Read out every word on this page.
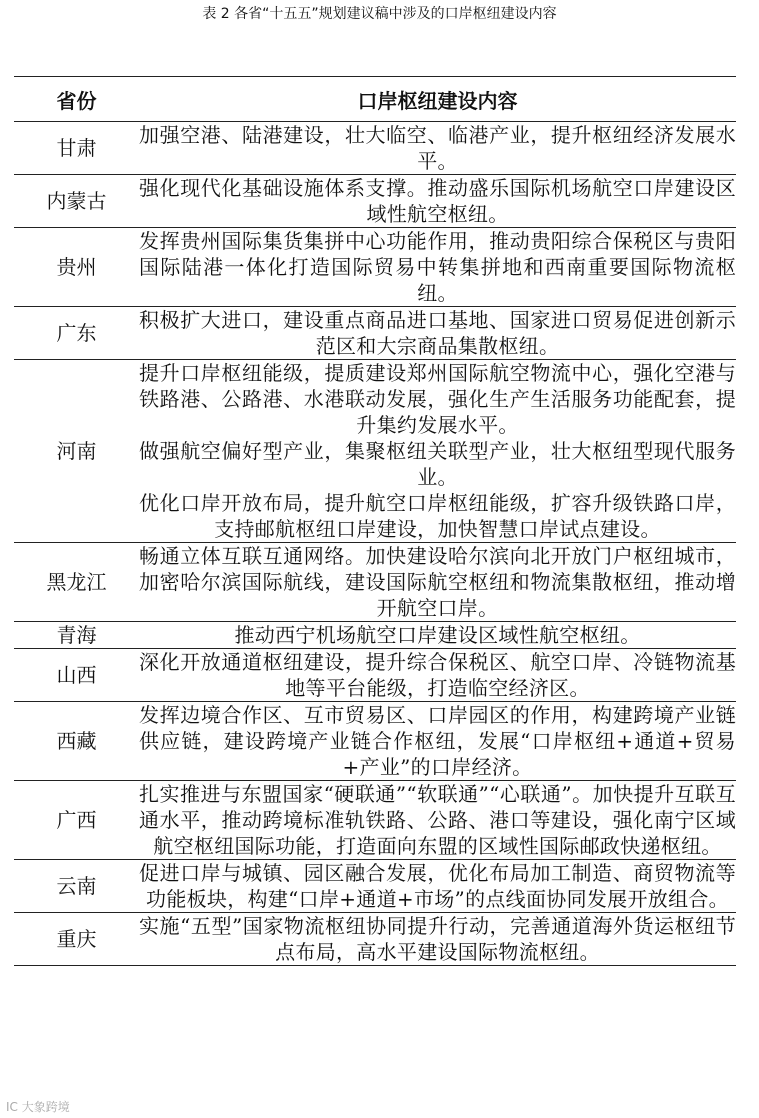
表 2 各省“十五五”规划建议稿中涉及的口岸枢纽建设内容
省份	口岸枢纽建设内容
甘肃	加强空港、陆港建设，壮大临空、临港产业，提升枢纽经济发展水平。

内蒙古	强化现代化基础设施体系支撑。推动盛乐国际机场航空口岸建设区域性航空枢纽。

贵州	发挥贵州国际集货集拼中心功能作用，推动贵阳综合保税区与贵阳国际陆港一体化打造国际贸易中转集拼地和西南重要国际物流枢纽。

广东	积极扩大进口，建设重点商品进口基地、国家进口贸易促进创新示范区和大宗商品集散枢纽。

河南	提升口岸枢纽能级，提质建设郑州国际航空物流中心，强化空港与铁路港、公路港、水港联动发展，强化生产生活服务功能配套，提升集约发展水平。
做强航空偏好型产业，集聚枢纽关联型产业，壮大枢纽型现代服务业。
优化口岸开放布局，提升航空口岸枢纽能级，扩容升级铁路口岸，支持邮航枢纽口岸建设，加快智慧口岸试点建设。

黑龙江	畅通立体互联互通网络。加快建设哈尔滨向北开放门户枢纽城市，加密哈尔滨国际航线，建设国际航空枢纽和物流集散枢纽，推动增开航空口岸。

青海	推动西宁机场航空口岸建设区域性航空枢纽。

山西	深化开放通道枢纽建设，提升综合保税区、航空口岸、冷链物流基地等平台能级，打造临空经济区。

西藏	发挥边境合作区、互市贸易区、口岸园区的作用，构建跨境产业链供应链，建设跨境产业链合作枢纽，发展“口岸枢纽+通道+贸易+产业”的口岸经济。

广西	扎实推进与东盟国家“硬联通”“软联通”“心联通”。加快提升互联互通水平，推动跨境标准轨铁路、公路、港口等建设，强化南宁区域航空枢纽国际功能，打造面向东盟的区域性国际邮政快递枢纽。

云南	促进口岸与城镇、园区融合发展，优化布局加工制造、商贸物流等功能板块，构建“口岸+通道+市场”的点线面协同发展开放组合。

重庆	实施“五型”国家物流枢纽协同提升行动，完善通道海外货运枢纽节点布局，高水平建设国际物流枢纽。
IC 大象跨境
